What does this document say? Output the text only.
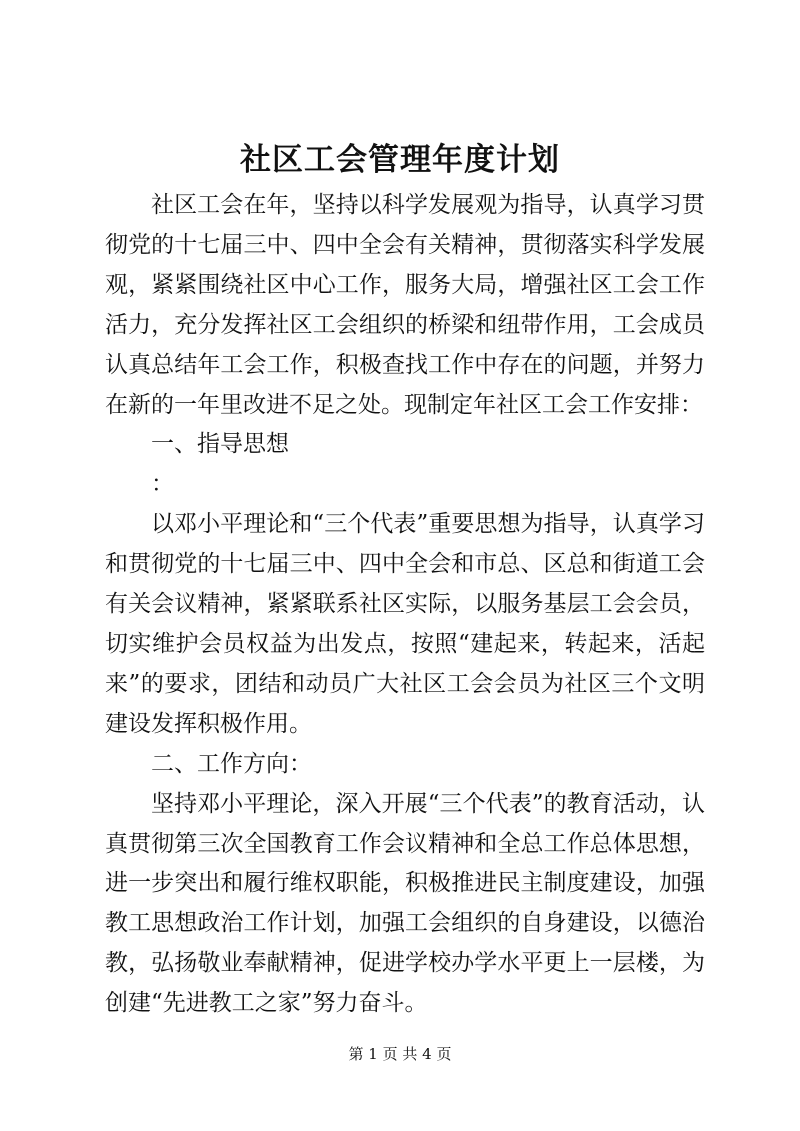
社区工会管理年度计划

社区工会在年，坚持以科学发展观为指导，认真学习贯彻党的十七届三中、四中全会有关精神，贯彻落实科学发展观，紧紧围绕社区中心工作，服务大局，增强社区工会工作活力，充分发挥社区工会组织的桥梁和纽带作用，工会成员认真总结年工会工作，积极查找工作中存在的问题，并努力在新的一年里改进不足之处。现制定年社区工会工作安排：

一、指导思想

：

以邓小平理论和“三个代表”重要思想为指导，认真学习和贯彻党的十七届三中、四中全会和市总、区总和街道工会有关会议精神，紧紧联系社区实际，以服务基层工会会员，切实维护会员权益为出发点，按照“建起来，转起来，活起来”的要求，团结和动员广大社区工会会员为社区三个文明建设发挥积极作用。

二、工作方向：

坚持邓小平理论，深入开展“三个代表”的教育活动，认真贯彻第三次全国教育工作会议精神和全总工作总体思想，进一步突出和履行维权职能，积极推进民主制度建设，加强教工思想政治工作计划，加强工会组织的自身建设，以德治教，弘扬敬业奉献精神，促进学校办学水平更上一层楼，为创建“先进教工之家”努力奋斗。

第 1 页 共 4 页
